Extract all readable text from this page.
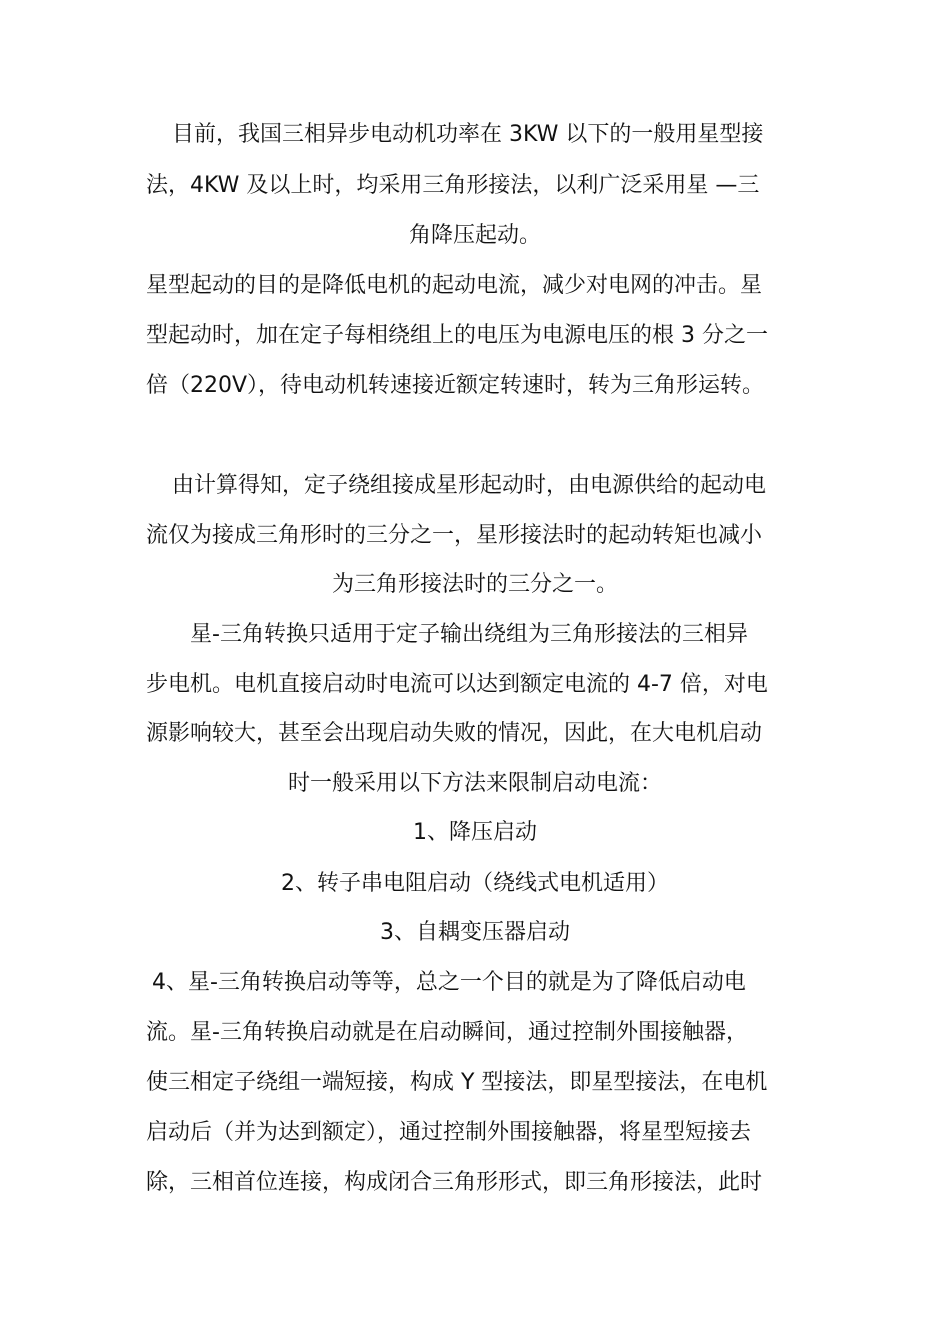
目前，我国三相异步电动机功率在 3KW 以下的一般用星型接

法，4KW 及以上时，均采用三角形接法，以利广泛采用星 —三

角降压起动。

星型起动的目的是降低电机的起动电流，减少对电网的冲击。星

型起动时，加在定子每相绕组上的电压为电源电压的根 3 分之一

倍（220V），待电动机转速接近额定转速时，转为三角形运转。

由计算得知，定子绕组接成星形起动时，由电源供给的起动电

流仅为接成三角形时的三分之一，星形接法时的起动转矩也减小

为三角形接法时的三分之一。

星-三角转换只适用于定子输出绕组为三角形接法的三相异

步电机。电机直接启动时电流可以达到额定电流的 4-7 倍，对电

源影响较大，甚至会出现启动失败的情况，因此，在大电机启动

时一般采用以下方法来限制启动电流：

1、降压启动

2、转子串电阻启动（绕线式电机适用）

3、自耦变压器启动

4、星-三角转换启动等等，总之一个目的就是为了降低启动电

流。星-三角转换启动就是在启动瞬间，通过控制外围接触器，

使三相定子绕组一端短接，构成 Y 型接法，即星型接法，在电机

启动后（并为达到额定），通过控制外围接触器，将星型短接去

除，三相首位连接，构成闭合三角形形式，即三角形接法，此时
